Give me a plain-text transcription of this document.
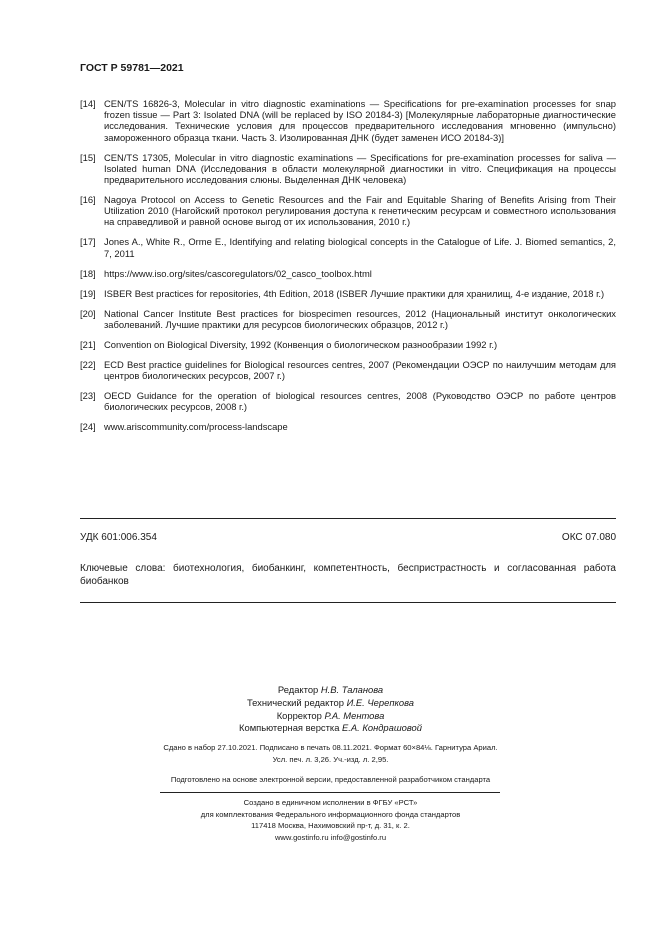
ГОСТ Р 59781—2021
[14] CEN/TS 16826-3, Molecular in vitro diagnostic examinations — Specifications for pre-examination processes for snap frozen tissue — Part 3: Isolated DNA (will be replaced by ISO 20184-3) [Молекулярные лабораторные диагностические исследования. Технические условия для процессов предварительного исследования мгновенно (импульсно) замороженного образца ткани. Часть 3. Изолированная ДНК (будет заменен ИСО 20184-3)]
[15] CEN/TS 17305, Molecular in vitro diagnostic examinations — Specifications for pre-examination processes for saliva — Isolated human DNA (Исследования в области молекулярной диагностики in vitro. Спецификация на процессы предварительного исследования слюны. Выделенная ДНК человека)
[16] Nagoya Protocol on Access to Genetic Resources and the Fair and Equitable Sharing of Benefits Arising from Their Utilization 2010 (Нагойский протокол регулирования доступа к генетическим ресурсам и совместного использования на справедливой и равной основе выгод от их использования, 2010 г.)
[17] Jones A., White R., Orme E., Identifying and relating biological concepts in the Catalogue of Life. J. Biomed semantics, 2, 7, 2011
[18] https://www.iso.org/sites/cascoregulators/02_casco_toolbox.html
[19] ISBER Best practices for repositories, 4th Edition, 2018 (ISBER Лучшие практики для хранилищ, 4-е издание, 2018 г.)
[20] National Cancer Institute Best practices for biospecimen resources, 2012 (Национальный институт онкологических заболеваний. Лучшие практики для ресурсов биологических образцов, 2012 г.)
[21] Convention on Biological Diversity, 1992 (Конвенция о биологическом разнообразии 1992 г.)
[22] ECD Best practice guidelines for Biological resources centres, 2007 (Рекомендации ОЭСР по наилучшим методам для центров биологических ресурсов, 2007 г.)
[23] OECD Guidance for the operation of biological resources centres, 2008 (Руководство ОЭСР по работе центров биологических ресурсов, 2008 г.)
[24] www.ariscommunity.com/process-landscape
УДК 601:006.354	ОКС 07.080
Ключевые слова: биотехнология, биобанкинг, компетентность, беспристрастность и согласованная работа биобанков
Редактор Н.В. Таланова
Технический редактор И.Е. Черепкова
Корректор Р.А. Ментова
Компьютерная верстка Е.А. Кондрашовой
Сдано в набор 27.10.2021. Подписано в печать 08.11.2021. Формат 60×84⅛. Гарнитура Ариал.
Усл. печ. л. 3,26. Уч.-изд. л. 2,95.
Подготовлено на основе электронной версии, предоставленной разработчиком стандарта
Создано в единичном исполнении в ФГБУ «РСТ»
для комплектования Федерального информационного фонда стандартов
117418 Москва, Нахимовский пр-т, д. 31, к. 2.
www.gostinfo.ru info@gostinfo.ru
